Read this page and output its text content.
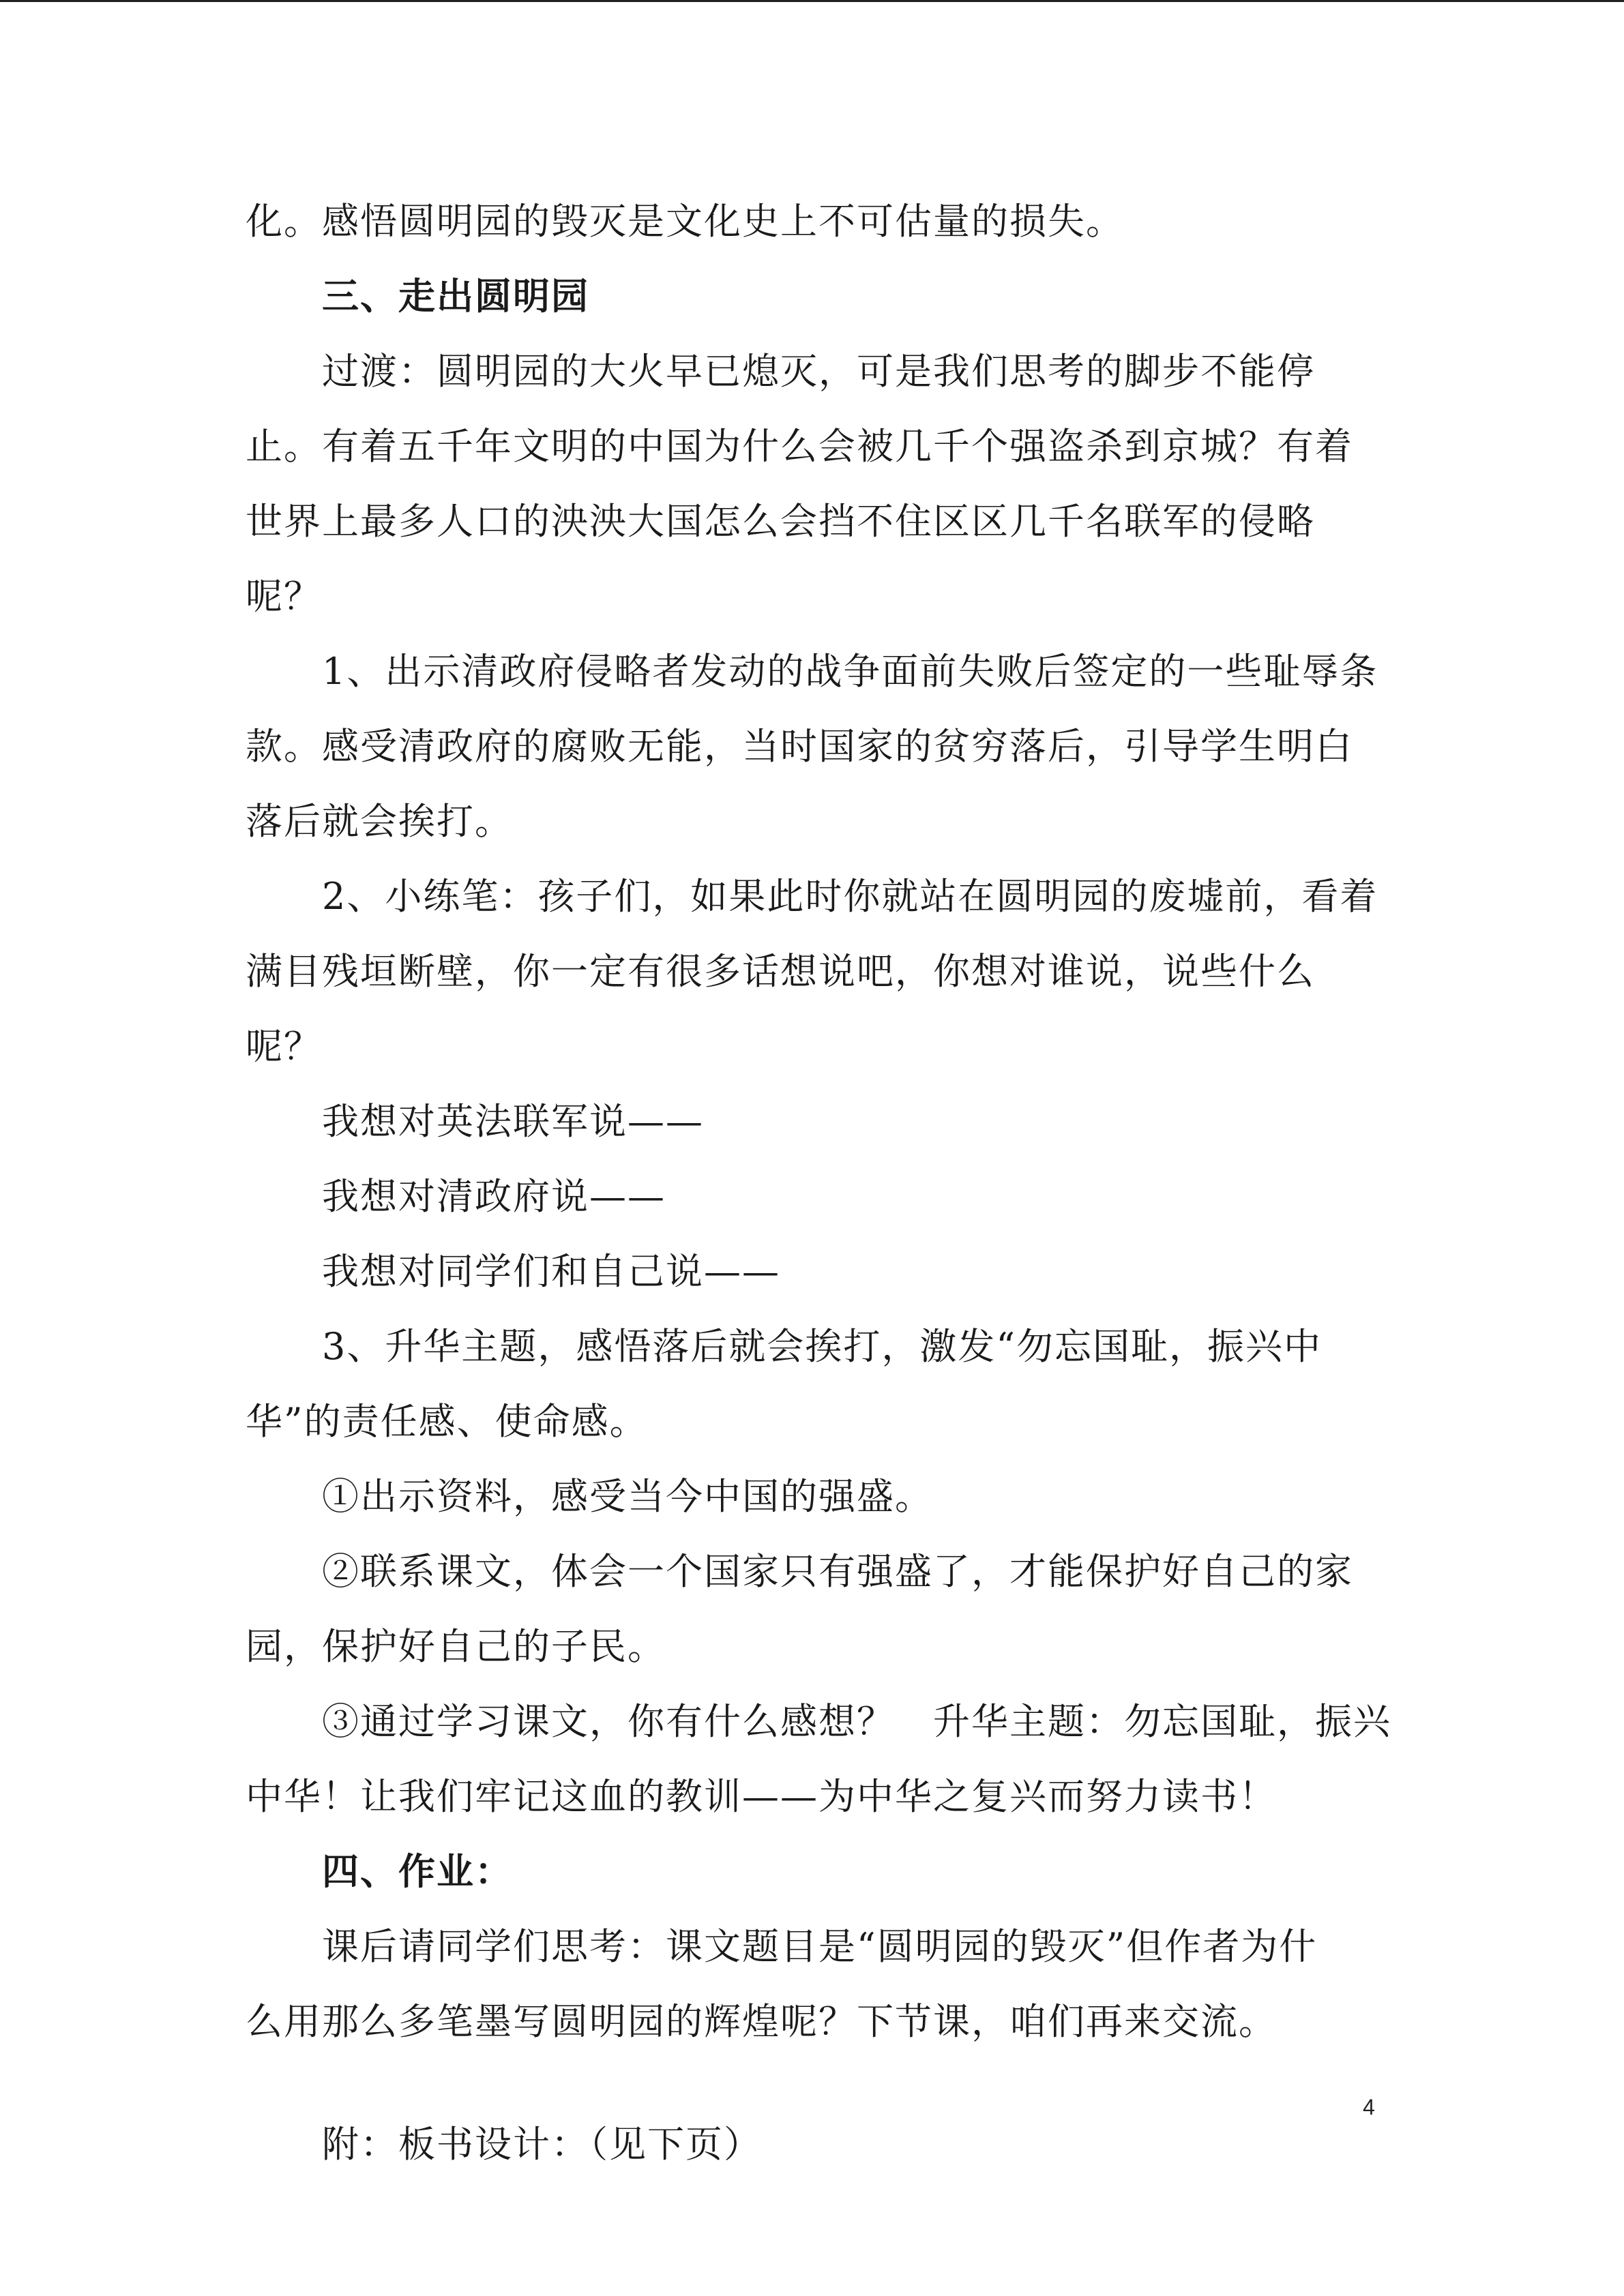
化。感悟圆明园的毁灭是文化史上不可估量的损失。
三、走出圆明园
过渡：圆明园的大火早已熄灭，可是我们思考的脚步不能停
止。有着五千年文明的中国为什么会被几千个强盗杀到京城？有着
世界上最多人口的泱泱大国怎么会挡不住区区几千名联军的侵略
呢？
1、出示清政府侵略者发动的战争面前失败后签定的一些耻辱条
款。感受清政府的腐败无能，当时国家的贫穷落后，引导学生明白
落后就会挨打。
2、小练笔：孩子们，如果此时你就站在圆明园的废墟前，看着
满目残垣断壁，你一定有很多话想说吧，你想对谁说，说些什么
呢？
我想对英法联军说——
我想对清政府说——
我想对同学们和自己说——
3、升华主题，感悟落后就会挨打，激发“勿忘国耻，振兴中
华”的责任感、使命感。
①出示资料，感受当今中国的强盛。
②联系课文，体会一个国家只有强盛了，才能保护好自己的家
园，保护好自己的子民。
③通过学习课文，你有什么感想？　升华主题：勿忘国耻，振兴
中华！让我们牢记这血的教训——为中华之复兴而努力读书！
四、作业：
课后请同学们思考：课文题目是“圆明园的毁灭”但作者为什
么用那么多笔墨写圆明园的辉煌呢？下节课，咱们再来交流。
附：板书设计：（见下页）
4
